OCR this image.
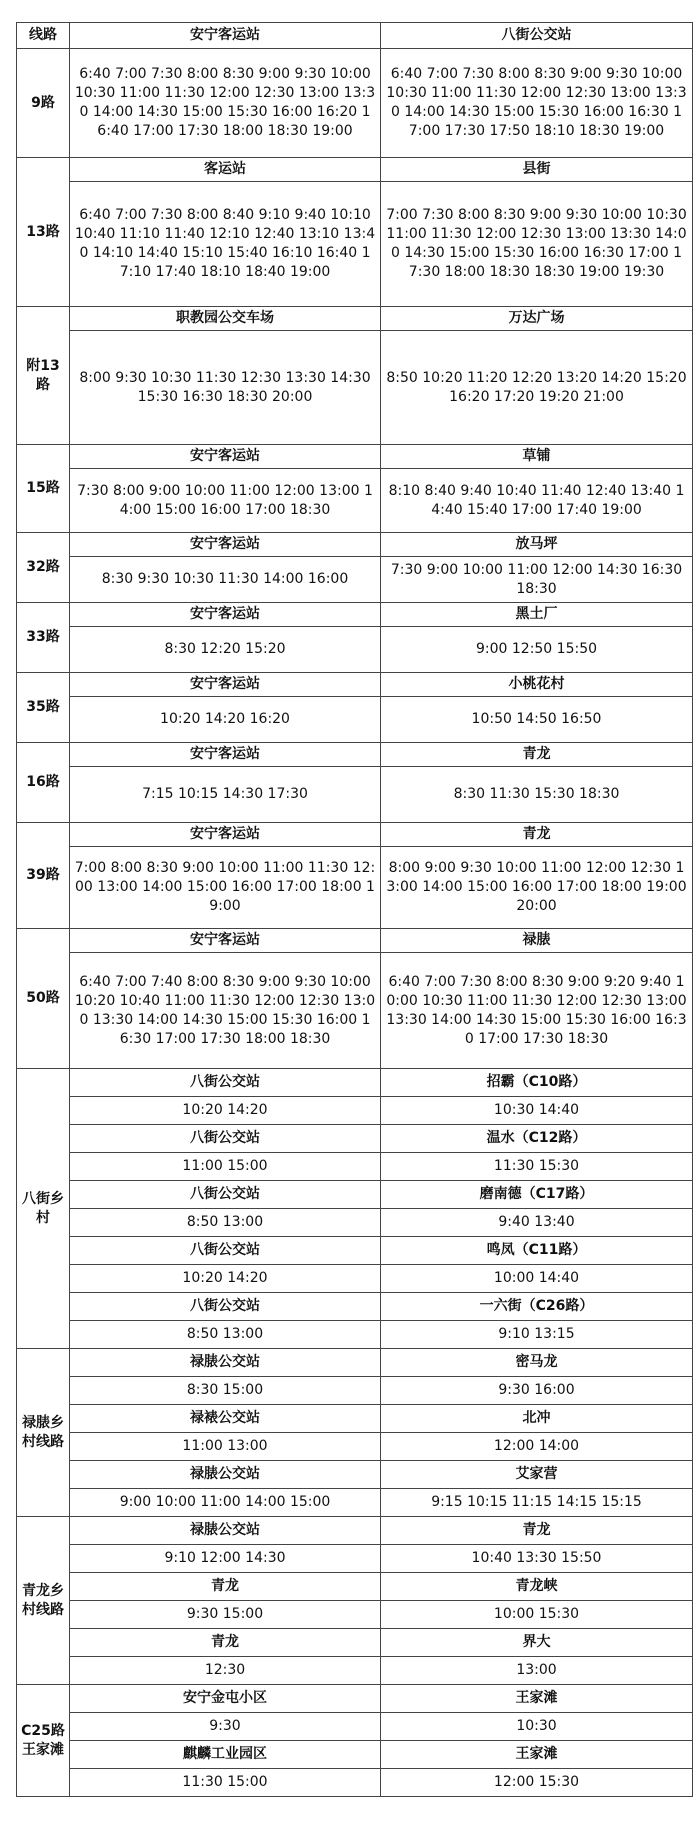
线路	安宁客运站	八街公交站
9路	6:40 7:00 7:30 8:00 8:30 9:00 9:30 10:00 10:30 11:00 11:30 12:00 12:30 13:00 13:30 14:00 14:30 15:00 15:30 16:00 16:20 16:40 17:00 17:30 18:00 18:30 19:00	6:40 7:00 7:30 8:00 8:30 9:00 9:30 10:00 10:30 11:00 11:30 12:00 12:30 13:00 13:30 14:00 14:30 15:00 15:30 16:00 16:30 17:00 17:30 17:50 18:10 18:30 19:00
13路	客运站	县街
	6:40 7:00 7:30 8:00 8:40 9:10 9:40 10:10 10:40 11:10 11:40 12:10 12:40 13:10 13:40 14:10 14:40 15:10 15:40 16:10 16:40 17:10 17:40 18:10 18:40 19:00	7:00 7:30 8:00 8:30 9:00 9:30 10:00 10:30 11:00 11:30 12:00 12:30 13:00 13:30 14:00 14:30 15:00 15:30 16:00 16:30 17:00 17:30 18:00 18:30 18:30 19:00 19:30
附13路	职教园公交车场	万达广场
	8:00 9:30 10:30 11:30 12:30 13:30 14:30 15:30 16:30 18:30 20:00	8:50 10:20 11:20 12:20 13:20 14:20 15:20 16:20 17:20 19:20 21:00
15路	安宁客运站	草铺
	7:30 8:00 9:00 10:00 11:00 12:00 13:00 14:00 15:00 16:00 17:00 18:30	8:10 8:40 9:40 10:40 11:40 12:40 13:40 14:40 15:40 17:00 17:40 19:00
32路	安宁客运站	放马坪
	8:30 9:30 10:30 11:30 14:00 16:00	7:30 9:00 10:00 11:00 12:00 14:30 16:30 18:30
33路	安宁客运站	黑土厂
	8:30 12:20 15:20	9:00 12:50 15:50
35路	安宁客运站	小桃花村
	10:20 14:20 16:20	10:50 14:50 16:50
16路	安宁客运站	青龙
	7:15 10:15 14:30 17:30	8:30 11:30 15:30 18:30
39路	安宁客运站	青龙
	7:00 8:00 8:30 9:00 10:00 11:00 11:30 12:00 13:00 14:00 15:00 16:00 17:00 18:00 19:00	8:00 9:00 9:30 10:00 11:00 12:00 12:30 13:00 14:00 15:00 16:00 17:00 18:00 19:00 20:00
50路	安宁客运站	禄脿
	6:40 7:00 7:40 8:00 8:30 9:00 9:30 10:00 10:20 10:40 11:00 11:30 12:00 12:30 13:00 13:30 14:00 14:30 15:00 15:30 16:00 16:30 17:00 17:30 18:00 18:30	6:40 7:00 7:30 8:00 8:30 9:00 9:20 9:40 10:00 10:30 11:00 11:30 12:00 12:30 13:00 13:30 14:00 14:30 15:00 15:30 16:00 16:30 17:00 17:30 18:30
八街乡村	八街公交站	招霸（C10路）
	10:20 14:20	10:30 14:40
	八街公交站	温水（C12路）
	11:00 15:00	11:30 15:30
	八街公交站	磨南德（C17路）
	8:50 13:00	9:40 13:40
	八街公交站	鸣凤（C11路）
	10:20 14:20	10:00 14:40
	八街公交站	一六街（C26路）
	8:50 13:00	9:10 13:15
禄脿乡村线路	禄脿公交站	密马龙
	8:30 15:00	9:30 16:00
	禄裱公交站	北冲
	11:00 13:00	12:00 14:00
	禄脿公交站	艾家营
	9:00 10:00 11:00 14:00 15:00	9:15 10:15 11:15 14:15 15:15
青龙乡村线路	禄脿公交站	青龙
	9:10 12:00 14:30	10:40 13:30 15:50
	青龙	青龙峡
	9:30 15:00	10:00 15:30
	青龙	界大
	12:30	13:00
C25路王家滩	安宁金屯小区	王家滩
	9:30	10:30
	麒麟工业园区	王家滩
	11:30 15:00	12:00 15:30
